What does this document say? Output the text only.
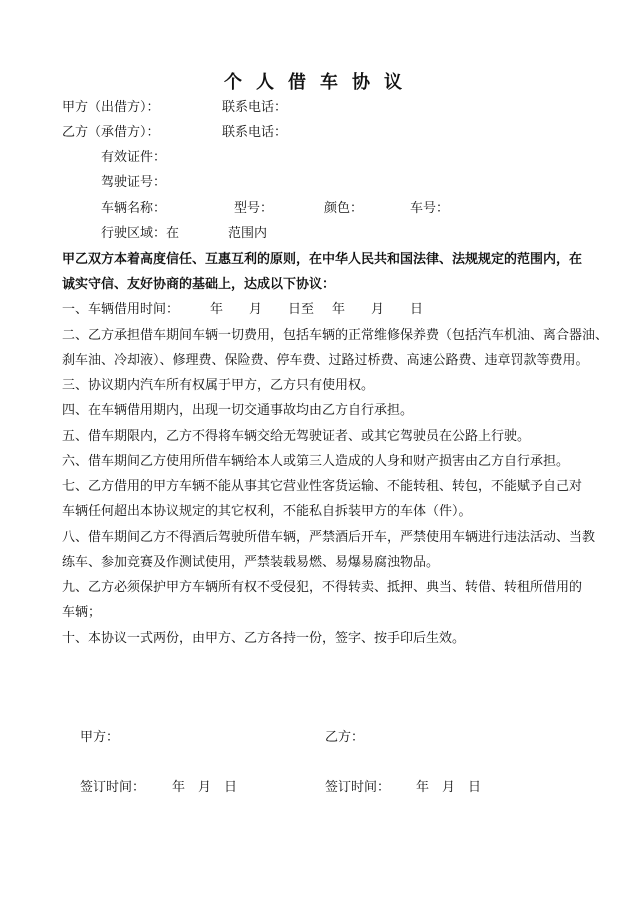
个人借车协议
甲方（出借方）：	联系电话：
乙方（承借方）：	联系电话：
有效证件：
驾驶证号：
车辆名称：	型号：	颜色：	车号：
行驶区域：在	范围内
甲乙双方本着高度信任、互惠互利的原则，在中华人民共和国法律、法规规定的范围内，在
诚实守信、友好协商的基础上，达成以下协议：
一、车辆借用时间： 年　　月　　日至 年　　月　　日
二、乙方承担借车期间车辆一切费用，包括车辆的正常维修保养费（包括汽车机油、离合器油、
刹车油、冷却液）、修理费、保险费、停车费、过路过桥费、高速公路费、违章罚款等费用。
三、协议期内汽车所有权属于甲方，乙方只有使用权。
四、在车辆借用期内，出现一切交通事故均由乙方自行承担。
五、借车期限内，乙方不得将车辆交给无驾驶证者、或其它驾驶员在公路上行驶。
六、借车期间乙方使用所借车辆给本人或第三人造成的人身和财产损害由乙方自行承担。
七、乙方借用的甲方车辆不能从事其它营业性客货运输、不能转租、转包，不能赋予自己对
车辆任何超出本协议规定的其它权利，不能私自拆装甲方的车体（件）。
八、借车期间乙方不得酒后驾驶所借车辆，严禁酒后开车，严禁使用车辆进行违法活动、当教
练车、参加竞赛及作测试使用，严禁装载易燃、易爆易腐浊物品。
九、乙方必须保护甲方车辆所有权不受侵犯，不得转卖、抵押、典当、转借、转租所借用的
车辆；
十、本协议一式两份，由甲方、乙方各持一份，签字、按手印后生效。
甲方：	乙方：
签订时间： 年　月　日	签订时间： 年　月　日
